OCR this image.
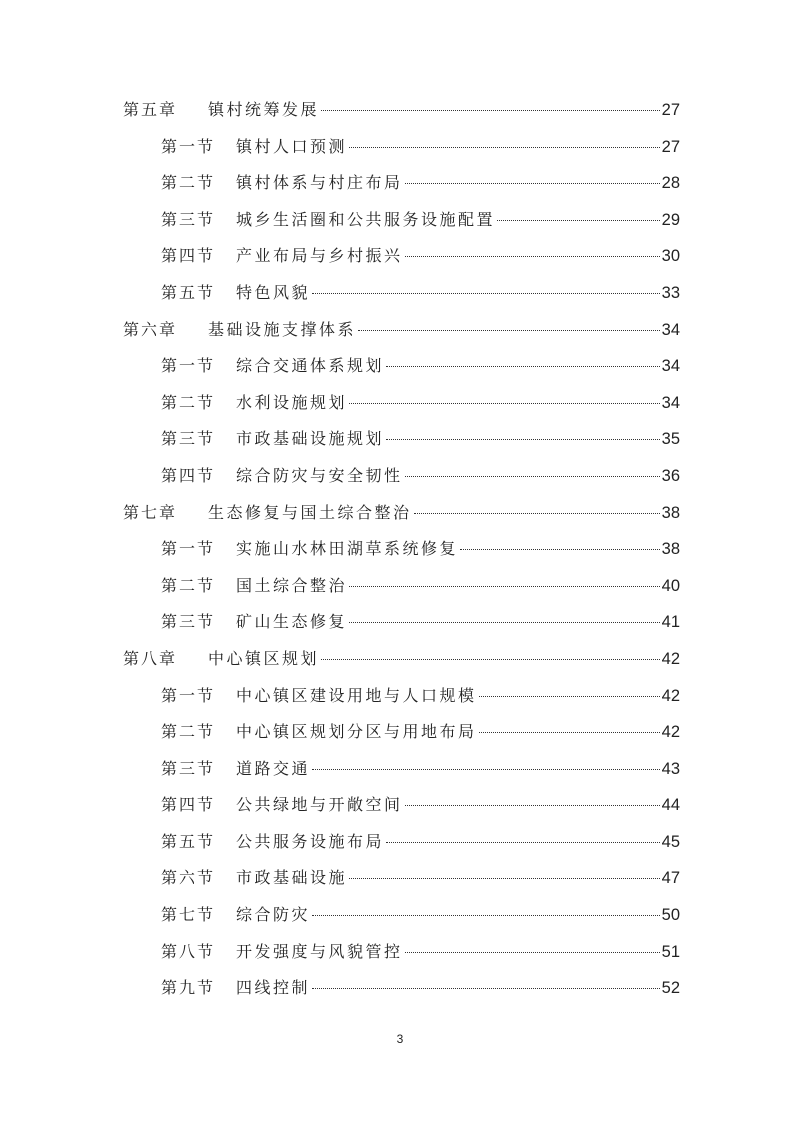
第五章	镇村统筹发展	27
第一节	镇村人口预测	27
第二节	镇村体系与村庄布局	28
第三节	城乡生活圈和公共服务设施配置	29
第四节	产业布局与乡村振兴	30
第五节	特色风貌	33
第六章	基础设施支撑体系	34
第一节	综合交通体系规划	34
第二节	水利设施规划	34
第三节	市政基础设施规划	35
第四节	综合防灾与安全韧性	36
第七章	生态修复与国土综合整治	38
第一节	实施山水林田湖草系统修复	38
第二节	国土综合整治	40
第三节	矿山生态修复	41
第八章	中心镇区规划	42
第一节	中心镇区建设用地与人口规模	42
第二节	中心镇区规划分区与用地布局	42
第三节	道路交通	43
第四节	公共绿地与开敞空间	44
第五节	公共服务设施布局	45
第六节	市政基础设施	47
第七节	综合防灾	50
第八节	开发强度与风貌管控	51
第九节	四线控制	52
3
